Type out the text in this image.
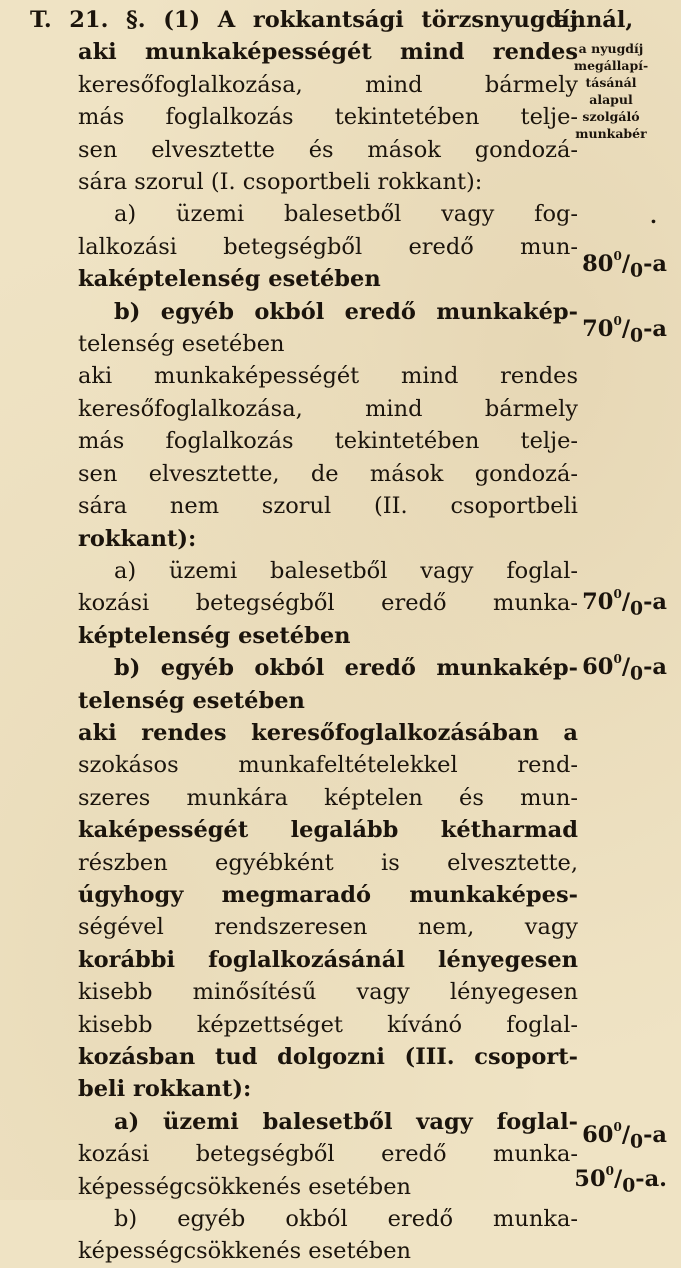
T. 21. §. (1) A rokkantsági törzsnyugdíj
aki munkaképességét mind rendes
keresőfoglalkozása, mind bármely
más foglalkozás tekintetében telje-
sen elvesztette és mások gondozá-
sára szorul (I. csoportbeli rokkant):
a) üzemi balesetből vagy fog-
lalkozási betegségből eredő mun-
kaképtelenség esetében
b) egyéb okból eredő munkakép-
telenség esetében
aki munkaképességét mind rendes
keresőfoglalkozása, mind bármely
más foglalkozás tekintetében telje-
sen elvesztette, de mások gondozá-
sára nem szorul (II. csoportbeli
rokkant):
a) üzemi balesetből vagy foglal-
kozási betegségből eredő munka-
képtelenség esetében
b) egyéb okból eredő munkakép-
telenség esetében
aki rendes keresőfoglalkozásában a
szokásos munkafeltételekkel rend-
szeres munkára képtelen és mun-
kaképességét legalább kétharmad
részben egyébként is elvesztette,
úgyhogy megmaradó munkaképes-
ségével rendszeresen nem, vagy
korábbi foglalkozásánál lényegesen
kisebb minősítésű vagy lényegesen
kisebb képzettséget kívánó foglal-
kozásban tud dolgozni (III. csoport-
beli rokkant):
a) üzemi balesetből vagy foglal-
kozási betegségből eredő munka-
képességcsökkenés esetében
b) egyéb okból eredő munka-
képességcsökkenés esetében
annál,
a nyugdíj
megállapí-
tásánál
alapul
szolgáló
munkabér
.
$80^0/_0-a$
$70^0/_0-a$
$70^0/_0-a$
$60^0/_0-a$
$60^0/_0-a$
$50^0/_0-a$.
